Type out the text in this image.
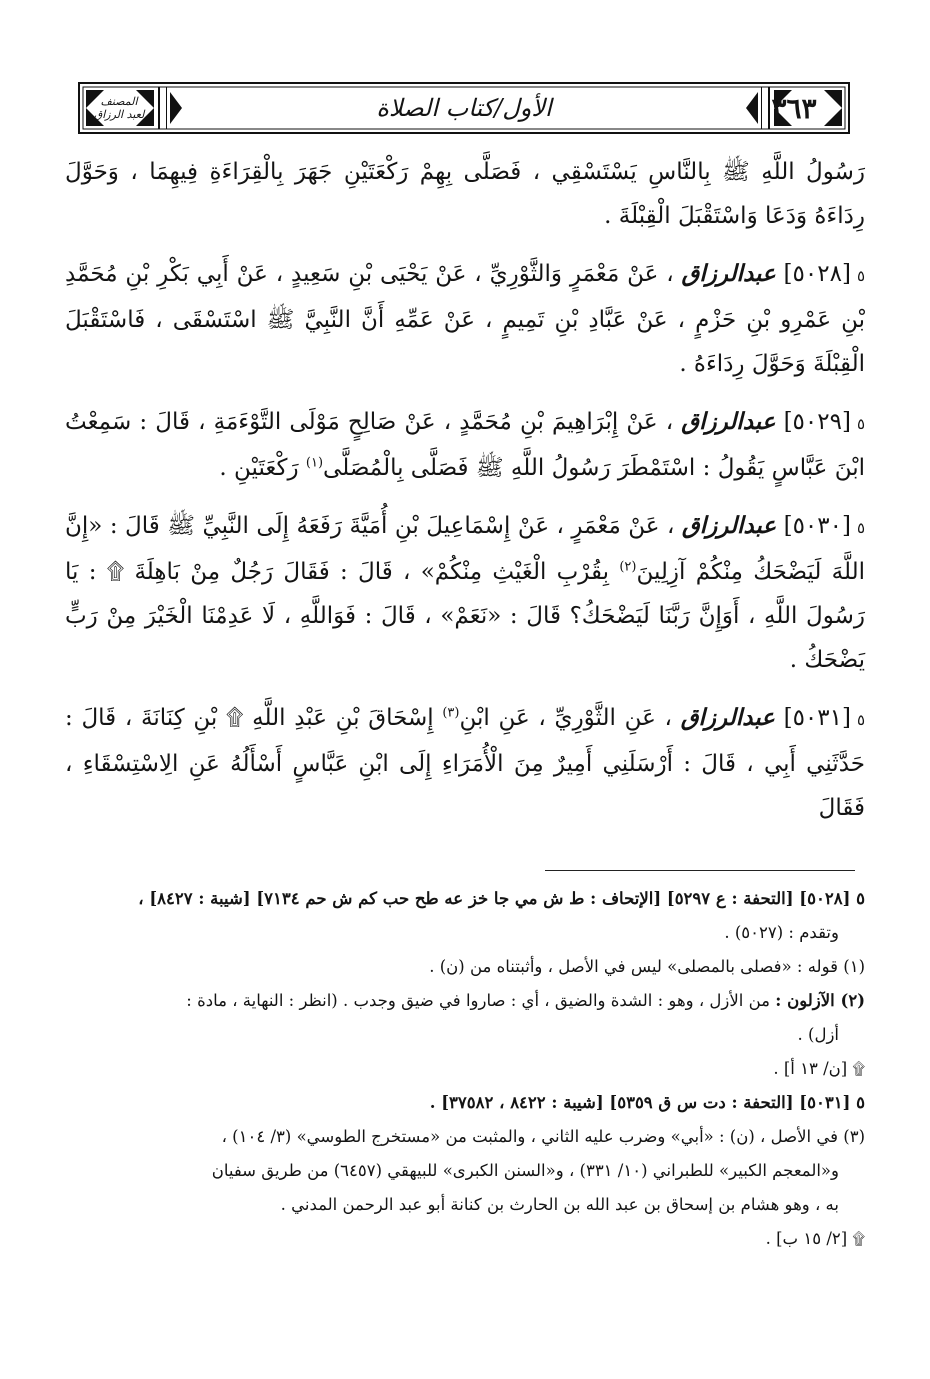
المصنف
لعبد الرزاق	الأول/كتاب الصلاة	٣٦٣

رَسُولُ اللَّهِ ﷺ بِالنَّاسِ يَسْتَسْقِي ، فَصَلَّى بِهِمْ رَكْعَتَيْنِ جَهَرَ بِالْقِرَاءَةِ فِيهِمَا ، وَحَوَّلَ رِدَاءَهُ وَدَعَا وَاسْتَقْبَلَ الْقِبْلَةَ .

٥[٥٠٢٨] عبدالرزاق ، عَنْ مَعْمَرٍ وَالثَّوْرِيِّ ، عَنْ يَحْيَى بْنِ سَعِيدٍ ، عَنْ أَبِي بَكْرِ بْنِ مُحَمَّدِ بْنِ عَمْرِو بْنِ حَزْمٍ ، عَنْ عَبَّادِ بْنِ تَمِيمٍ ، عَنْ عَمِّهِ أَنَّ النَّبِيَّ ﷺ اسْتَسْقَى ، فَاسْتَقْبَلَ الْقِبْلَةَ وَحَوَّلَ رِدَاءَهُ .

٥[٥٠٢٩] عبدالرزاق ، عَنْ إِبْرَاهِيمَ بْنِ مُحَمَّدٍ ، عَنْ صَالِحٍ مَوْلَى التَّوْءَمَةِ ، قَالَ : سَمِعْتُ ابْنَ عَبَّاسٍ يَقُولُ : اسْتَمْطَرَ رَسُولُ اللَّهِ ﷺ فَصَلَّى بِالْمُصَلَّى$^{(١)}$ رَكْعَتَيْنِ .

٥[٥٠٣٠] عبدالرزاق ، عَنْ مَعْمَرٍ ، عَنْ إِسْمَاعِيلَ بْنِ أُمَيَّةَ رَفَعَهُ إِلَى النَّبِيِّ ﷺ قَالَ : «إِنَّ اللَّهَ لَيَضْحَكُ مِنْكُمْ آزِلِينَ$^{(٢)}$ بِقُرْبِ الْغَيْثِ مِنْكُمْ» ، قَالَ : فَقَالَ رَجُلٌ مِنْ بَاهِلَةَ ۩ : يَا رَسُولَ اللَّهِ ، أَوَإِنَّ رَبَّنَا لَيَضْحَكُ؟ قَالَ : «نَعَمْ» ، قَالَ : فَوَاللَّهِ ، لَا عَدِمْنَا الْخَيْرَ مِنْ رَبٍّ يَضْحَكُ .

٥[٥٠٣١] عبدالرزاق ، عَنِ الثَّوْرِيِّ ، عَنِ ابْنِ$^{(٣)}$ إِسْحَاقَ بْنِ عَبْدِ اللَّهِ ۩ بْنِ كِنَانَةَ ، قَالَ : حَدَّثَنِي أَبِي ، قَالَ : أَرْسَلَنِي أَمِيرٌ مِنَ الْأُمَرَاءِ إِلَى ابْنِ عَبَّاسٍ أَسْأَلُهُ عَنِ الِاسْتِسْقَاءِ ، فَقَالَ

٥ [٥٠٢٨] [التحفة : ع ٥٢٩٧] [الإتحاف : ط ش مي جا خز عه طح حب كم ش حم ٧١٣٤] [شيبة : ٨٤٢٧] ،

وتقدم : (٥٠٢٧) .

(١) قوله : «فصلى بالمصلى» ليس في الأصل ، وأثبتناه من (ن) .

(٢) الآزلون : من الأزل ، وهو : الشدة والضيق ، أي : صاروا في ضيق وجدب . (انظر : النهاية ، مادة :

أزل) .

۩ [ن/ ١٣ أ] .

٥ [٥٠٣١] [التحفة : دت س ق ٥٣٥٩] [شيبة : ٨٤٢٢ ، ٣٧٥٨٢] .

(٣) في الأصل ، (ن) : «أبي» وضرب عليه الثاني ، والمثبت من «مستخرج الطوسي» (٣/ ١٠٤) ،

و«المعجم الكبير» للطبراني (١٠/ ٣٣١) ، و«السنن الكبرى» للبيهقي (٦٤٥٧) من طريق سفيان

به ، وهو هشام بن إسحاق بن عبد الله بن الحارث بن كنانة أبو عبد الرحمن المدني .

۩ [٢/ ١٥ ب] .
